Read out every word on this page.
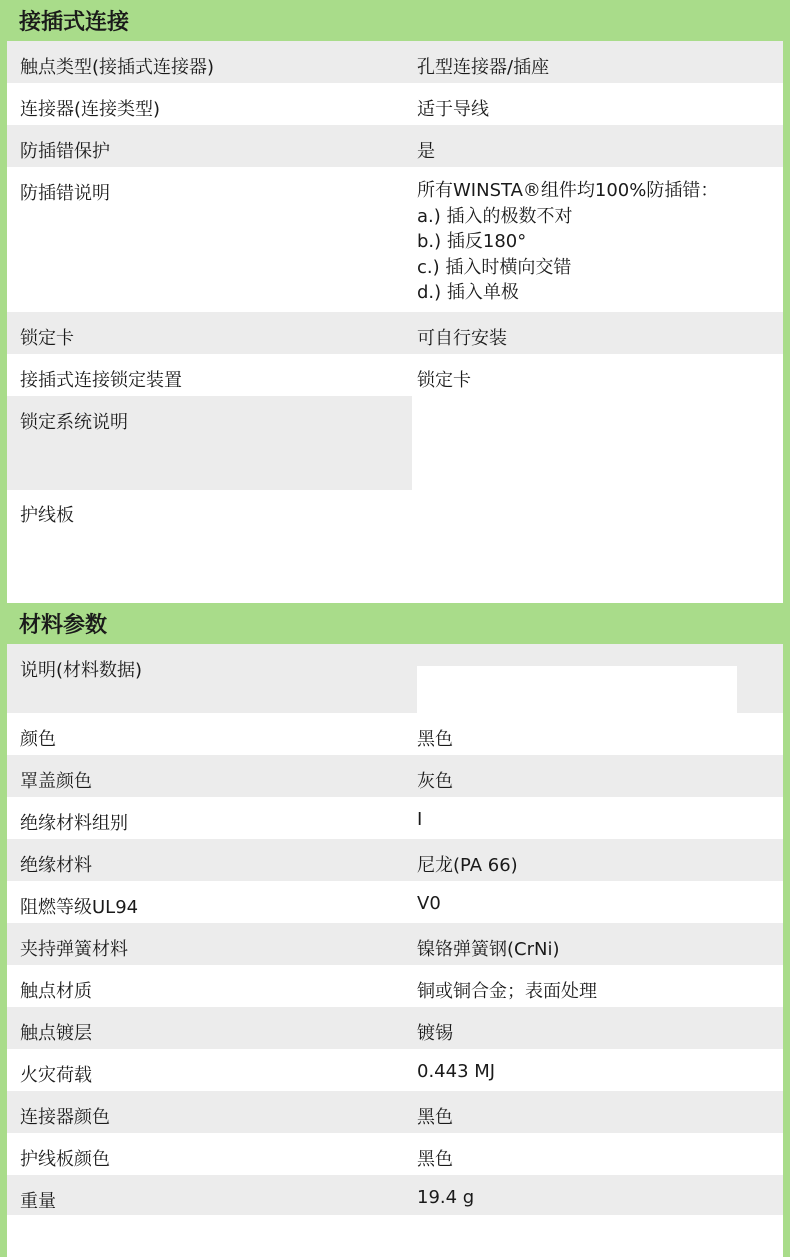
接插式连接
触点类型(接插式连接器)	孔型连接器/插座
连接器(连接类型)	适于导线
防插错保护	是
防插错说明	所有WINSTA®组件均100%防插错：
a.) 插入的极数不对
b.) 插反180°
c.) 插入时横向交错
d.) 插入单极
锁定卡	可自行安装
接插式连接锁定装置	锁定卡
锁定系统说明
护线板
材料参数
说明(材料数据)
颜色	黑色
罩盖颜色	灰色
绝缘材料组别	I
绝缘材料	尼龙(PA 66)
阻燃等级UL94	V0
夹持弹簧材料	镍铬弹簧钢(CrNi)
触点材质	铜或铜合金；表面处理
触点镀层	镀锡
火灾荷载	0.443 MJ
连接器颜色	黑色
护线板颜色	黑色
重量	19.4 g
